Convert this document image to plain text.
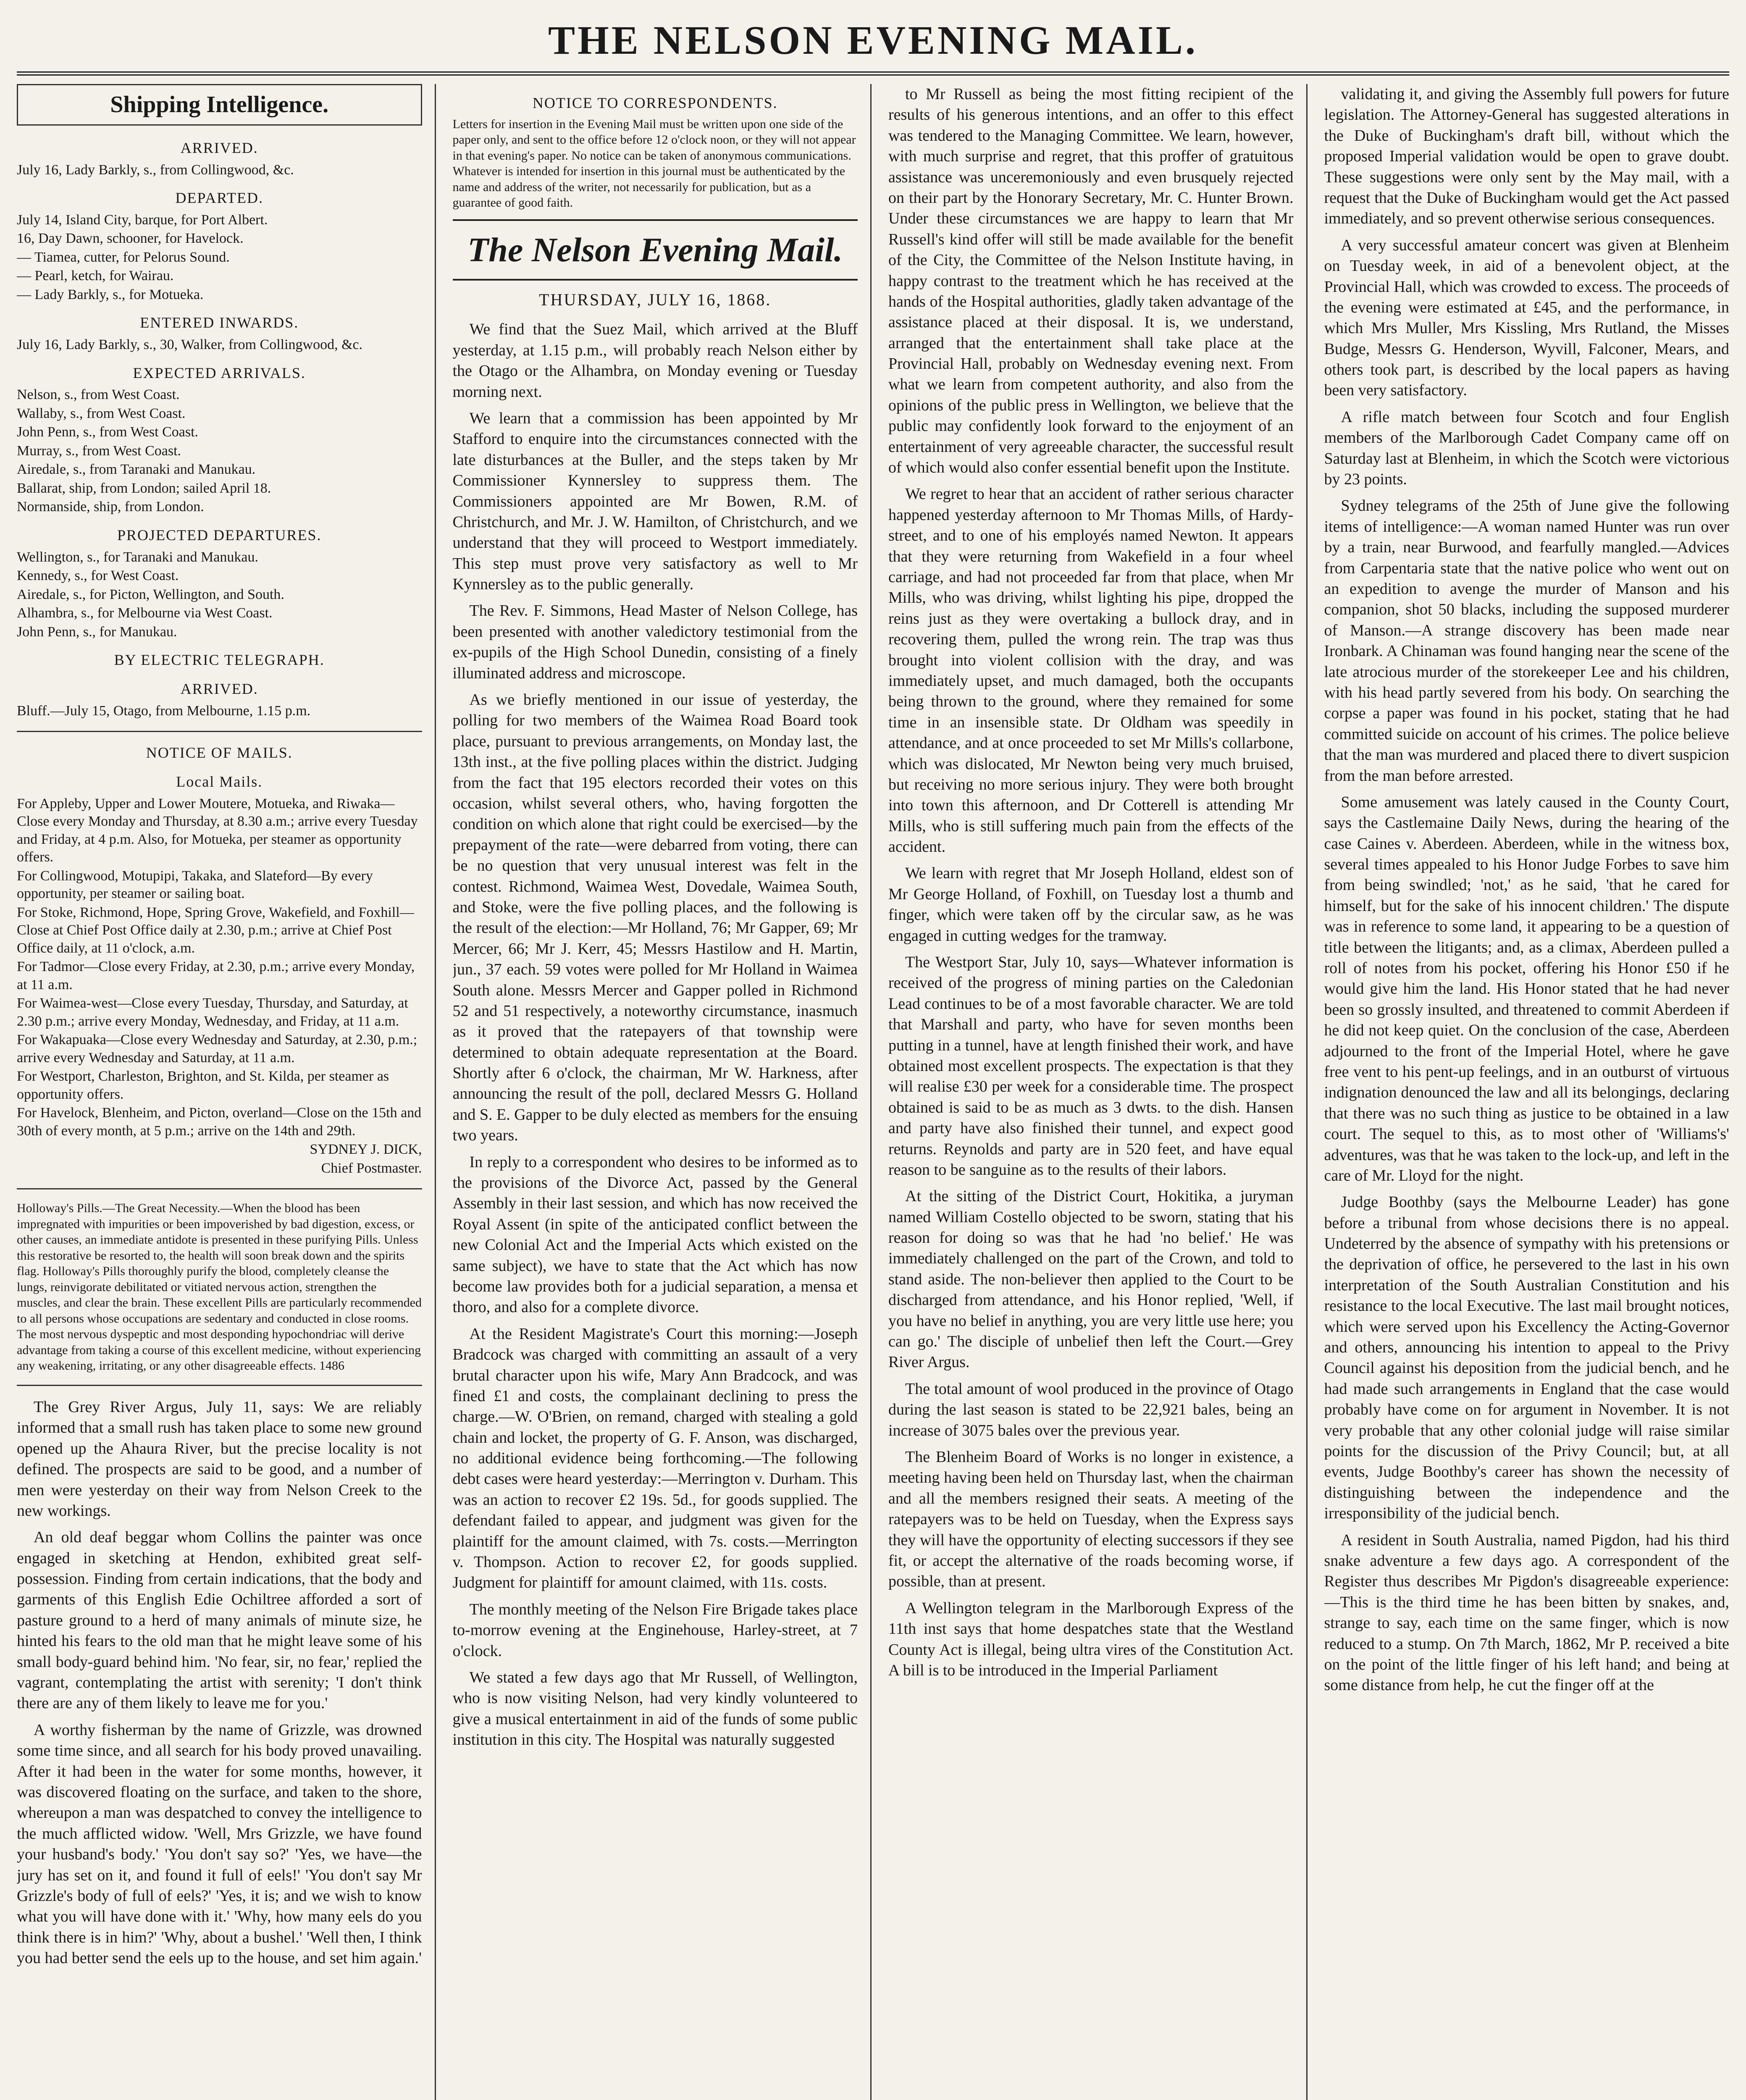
THE NELSON EVENING MAIL.
Shipping Intelligence.
ARRIVED.
July 16, Lady Barkly, s., from Collingwood, &c.
DEPARTED.
July 14, Island City, barque, for Port Albert.
16, Day Dawn, schooner, for Havelock.
— Tiamea, cutter, for Pelorus Sound.
— Pearl, ketch, for Wairau.
— Lady Barkly, s., for Motueka.
ENTERED INWARDS.
July 16, Lady Barkly, s., 30, Walker, from Collingwood, &c.
EXPECTED ARRIVALS.
Nelson, s., from West Coast.
Wallaby, s., from West Coast.
John Penn, s., from West Coast.
Murray, s., from West Coast.
Airedale, s., from Taranaki and Manukau.
Ballarat, ship, from London; sailed April 18.
Normanside, ship, from London.
PROJECTED DEPARTURES.
Wellington, s., for Taranaki and Manukau.
Kennedy, s., for West Coast.
Airedale, s., for Picton, Wellington, and South.
Alhambra, s., for Melbourne via West Coast.
John Penn, s., for Manukau.
BY ELECTRIC TELEGRAPH.
ARRIVED.
Bluff.—July 15, Otago, from Melbourne, 1.15 p.m.
NOTICE OF MAILS.
Local Mails.
For Appleby, Upper and Lower Moutere, Motueka, and Riwaka—Close every Monday and Thursday, at 8.30 a.m.; arrive every Tuesday and Friday, at 4 p.m. Also, for Motueka, per steamer as opportunity offers.
For Collingwood, Motupipi, Takaka, and Slateford—By every opportunity, per steamer or sailing boat.
For Stoke, Richmond, Hope, Spring Grove, Wakefield, and Foxhill—Close at Chief Post Office daily at 2.30, p.m.; arrive at Chief Post Office daily, at 11 o'clock, a.m.
For Tadmor—Close every Friday, at 2.30, p.m.; arrive every Monday, at 11 a.m.
For Waimea-west—Close every Tuesday, Thursday, and Saturday, at 2.30 p.m.; arrive every Monday, Wednesday, and Friday, at 11 a.m.
For Wakapuaka—Close every Wednesday and Saturday, at 2.30, p.m.; arrive every Wednesday and Saturday, at 11 a.m.
For Westport, Charleston, Brighton, and St. Kilda, per steamer as opportunity offers.
For Havelock, Blenheim, and Picton, overland—Close on the 15th and 30th of every month, at 5 p.m.; arrive on the 14th and 29th.
SYDNEY J. DICK,
Chief Postmaster.
Holloway's Pills.—The Great Necessity.—When the blood has been impregnated with impurities or been impoverished by bad digestion, excess, or other causes, an immediate antidote is presented in these purifying Pills. Unless this restorative be resorted to, the health will soon break down and the spirits flag. Holloway's Pills thoroughly purify the blood, completely cleanse the lungs, reinvigorate debilitated or vitiated nervous action, strengthen the muscles, and clear the brain. These excellent Pills are particularly recommended to all persons whose occupations are sedentary and conducted in close rooms. The most nervous dyspeptic and most desponding hypochondriac will derive advantage from taking a course of this excellent medicine, without experiencing any weakening, irritating, or any other disagreeable effects. 1486

The Grey River Argus, July 11, says: We are reliably informed that a small rush has taken place to some new ground opened up the Ahaura River, but the precise locality is not defined. The prospects are said to be good, and a number of men were yesterday on their way from Nelson Creek to the new workings.

An old deaf beggar whom Collins the painter was once engaged in sketching at Hendon, exhibited great self-possession. Finding from certain indications, that the body and garments of this English Edie Ochiltree afforded a sort of pasture ground to a herd of many animals of minute size, he hinted his fears to the old man that he might leave some of his small body-guard behind him. 'No fear, sir, no fear,' replied the vagrant, contemplating the artist with serenity; 'I don't think there are any of them likely to leave me for you.'

A worthy fisherman by the name of Grizzle, was drowned some time since, and all search for his body proved unavailing. After it had been in the water for some months, however, it was discovered floating on the surface, and taken to the shore, whereupon a man was despatched to convey the intelligence to the much afflicted widow. 'Well, Mrs Grizzle, we have found your husband's body.' 'You don't say so?' 'Yes, we have—the jury has set on it, and found it full of eels!' 'You don't say Mr Grizzle's body of full of eels?' 'Yes, it is; and we wish to know what you will have done with it.' 'Why, how many eels do you think there is in him?' 'Why, about a bushel.' 'Well then, I think you had better send the eels up to the house, and set him again.'

NOTICE TO CORRESPONDENTS.
Letters for insertion in the Evening Mail must be written upon one side of the paper only, and sent to the office before 12 o'clock noon, or they will not appear in that evening's paper. No notice can be taken of anonymous communications. Whatever is intended for insertion in this journal must be authenticated by the name and address of the writer, not necessarily for publication, but as a guarantee of good faith.
The Nelson Evening Mail.
THURSDAY, JULY 16, 1868.

We find that the Suez Mail, which arrived at the Bluff yesterday, at 1.15 p.m., will probably reach Nelson either by the Otago or the Alhambra, on Monday evening or Tuesday morning next.

We learn that a commission has been appointed by Mr Stafford to enquire into the circumstances connected with the late disturbances at the Buller, and the steps taken by Mr Commissioner Kynnersley to suppress them. The Commissioners appointed are Mr Bowen, R.M. of Christchurch, and Mr. J. W. Hamilton, of Christchurch, and we understand that they will proceed to Westport immediately. This step must prove very satisfactory as well to Mr Kynnersley as to the public generally.

The Rev. F. Simmons, Head Master of Nelson College, has been presented with another valedictory testimonial from the ex-pupils of the High School Dunedin, consisting of a finely illuminated address and microscope.

As we briefly mentioned in our issue of yesterday, the polling for two members of the Waimea Road Board took place, pursuant to previous arrangements, on Monday last, the 13th inst., at the five polling places within the district. Judging from the fact that 195 electors recorded their votes on this occasion, whilst several others, who, having forgotten the condition on which alone that right could be exercised—by the prepayment of the rate—were debarred from voting, there can be no question that very unusual interest was felt in the contest. Richmond, Waimea West, Dovedale, Waimea South, and Stoke, were the five polling places, and the following is the result of the election:—Mr Holland, 76; Mr Gapper, 69; Mr Mercer, 66; Mr J. Kerr, 45; Messrs Hastilow and H. Martin, jun., 37 each. 59 votes were polled for Mr Holland in Waimea South alone. Messrs Mercer and Gapper polled in Richmond 52 and 51 respectively, a noteworthy circumstance, inasmuch as it proved that the ratepayers of that township were determined to obtain adequate representation at the Board. Shortly after 6 o'clock, the chairman, Mr W. Harkness, after announcing the result of the poll, declared Messrs G. Holland and S. E. Gapper to be duly elected as members for the ensuing two years.

In reply to a correspondent who desires to be informed as to the provisions of the Divorce Act, passed by the General Assembly in their last session, and which has now received the Royal Assent (in spite of the anticipated conflict between the new Colonial Act and the Imperial Acts which existed on the same subject), we have to state that the Act which has now become law provides both for a judicial separation, a mensa et thoro, and also for a complete divorce.

At the Resident Magistrate's Court this morning:—Joseph Bradcock was charged with committing an assault of a very brutal character upon his wife, Mary Ann Bradcock, and was fined £1 and costs, the complainant declining to press the charge.—W. O'Brien, on remand, charged with stealing a gold chain and locket, the property of G. F. Anson, was discharged, no additional evidence being forthcoming.—The following debt cases were heard yesterday:—Merrington v. Durham. This was an action to recover £2 19s. 5d., for goods supplied. The defendant failed to appear, and judgment was given for the plaintiff for the amount claimed, with 7s. costs.—Merrington v. Thompson. Action to recover £2, for goods supplied. Judgment for plaintiff for amount claimed, with 11s. costs.

The monthly meeting of the Nelson Fire Brigade takes place to-morrow evening at the Enginehouse, Harley-street, at 7 o'clock.

We stated a few days ago that Mr Russell, of Wellington, who is now visiting Nelson, had very kindly volunteered to give a musical entertainment in aid of the funds of some public institution in this city. The Hospital was naturally suggested

to Mr Russell as being the most fitting recipient of the results of his generous intentions, and an offer to this effect was tendered to the Managing Committee. We learn, however, with much surprise and regret, that this proffer of gratuitous assistance was unceremoniously and even brusquely rejected on their part by the Honorary Secretary, Mr. C. Hunter Brown. Under these circumstances we are happy to learn that Mr Russell's kind offer will still be made available for the benefit of the City, the Committee of the Nelson Institute having, in happy contrast to the treatment which he has received at the hands of the Hospital authorities, gladly taken advantage of the assistance placed at their disposal. It is, we understand, arranged that the entertainment shall take place at the Provincial Hall, probably on Wednesday evening next. From what we learn from competent authority, and also from the opinions of the public press in Wellington, we believe that the public may confidently look forward to the enjoyment of an entertainment of very agreeable character, the successful result of which would also confer essential benefit upon the Institute.

We regret to hear that an accident of rather serious character happened yesterday afternoon to Mr Thomas Mills, of Hardy-street, and to one of his employés named Newton. It appears that they were returning from Wakefield in a four wheel carriage, and had not proceeded far from that place, when Mr Mills, who was driving, whilst lighting his pipe, dropped the reins just as they were overtaking a bullock dray, and in recovering them, pulled the wrong rein. The trap was thus brought into violent collision with the dray, and was immediately upset, and much damaged, both the occupants being thrown to the ground, where they remained for some time in an insensible state. Dr Oldham was speedily in attendance, and at once proceeded to set Mr Mills's collarbone, which was dislocated, Mr Newton being very much bruised, but receiving no more serious injury. They were both brought into town this afternoon, and Dr Cotterell is attending Mr Mills, who is still suffering much pain from the effects of the accident.

We learn with regret that Mr Joseph Holland, eldest son of Mr George Holland, of Foxhill, on Tuesday lost a thumb and finger, which were taken off by the circular saw, as he was engaged in cutting wedges for the tramway.

The Westport Star, July 10, says—Whatever information is received of the progress of mining parties on the Caledonian Lead continues to be of a most favorable character. We are told that Marshall and party, who have for seven months been putting in a tunnel, have at length finished their work, and have obtained most excellent prospects. The expectation is that they will realise £30 per week for a considerable time. The prospect obtained is said to be as much as 3 dwts. to the dish. Hansen and party have also finished their tunnel, and expect good returns. Reynolds and party are in 520 feet, and have equal reason to be sanguine as to the results of their labors.

At the sitting of the District Court, Hokitika, a juryman named William Costello objected to be sworn, stating that his reason for doing so was that he had 'no belief.' He was immediately challenged on the part of the Crown, and told to stand aside. The non-believer then applied to the Court to be discharged from attendance, and his Honor replied, 'Well, if you have no belief in anything, you are very little use here; you can go.' The disciple of unbelief then left the Court.—Grey River Argus.

The total amount of wool produced in the province of Otago during the last season is stated to be 22,921 bales, being an increase of 3075 bales over the previous year.

The Blenheim Board of Works is no longer in existence, a meeting having been held on Thursday last, when the chairman and all the members resigned their seats. A meeting of the ratepayers was to be held on Tuesday, when the Express says they will have the opportunity of electing successors if they see fit, or accept the alternative of the roads becoming worse, if possible, than at present.

A Wellington telegram in the Marlborough Express of the 11th inst says that home despatches state that the Westland County Act is illegal, being ultra vires of the Constitution Act. A bill is to be introduced in the Imperial Parliament

validating it, and giving the Assembly full powers for future legislation. The Attorney-General has suggested alterations in the Duke of Buckingham's draft bill, without which the proposed Imperial validation would be open to grave doubt. These suggestions were only sent by the May mail, with a request that the Duke of Buckingham would get the Act passed immediately, and so prevent otherwise serious consequences.

A very successful amateur concert was given at Blenheim on Tuesday week, in aid of a benevolent object, at the Provincial Hall, which was crowded to excess. The proceeds of the evening were estimated at £45, and the performance, in which Mrs Muller, Mrs Kissling, Mrs Rutland, the Misses Budge, Messrs G. Henderson, Wyvill, Falconer, Mears, and others took part, is described by the local papers as having been very satisfactory.

A rifle match between four Scotch and four English members of the Marlborough Cadet Company came off on Saturday last at Blenheim, in which the Scotch were victorious by 23 points.

Sydney telegrams of the 25th of June give the following items of intelligence:—A woman named Hunter was run over by a train, near Burwood, and fearfully mangled.—Advices from Carpentaria state that the native police who went out on an expedition to avenge the murder of Manson and his companion, shot 50 blacks, including the supposed murderer of Manson.—A strange discovery has been made near Ironbark. A Chinaman was found hanging near the scene of the late atrocious murder of the storekeeper Lee and his children, with his head partly severed from his body. On searching the corpse a paper was found in his pocket, stating that he had committed suicide on account of his crimes. The police believe that the man was murdered and placed there to divert suspicion from the man before arrested.

Some amusement was lately caused in the County Court, says the Castlemaine Daily News, during the hearing of the case Caines v. Aberdeen. Aberdeen, while in the witness box, several times appealed to his Honor Judge Forbes to save him from being swindled; 'not,' as he said, 'that he cared for himself, but for the sake of his innocent children.' The dispute was in reference to some land, it appearing to be a question of title between the litigants; and, as a climax, Aberdeen pulled a roll of notes from his pocket, offering his Honor £50 if he would give him the land. His Honor stated that he had never been so grossly insulted, and threatened to commit Aberdeen if he did not keep quiet. On the conclusion of the case, Aberdeen adjourned to the front of the Imperial Hotel, where he gave free vent to his pent-up feelings, and in an outburst of virtuous indignation denounced the law and all its belongings, declaring that there was no such thing as justice to be obtained in a law court. The sequel to this, as to most other of 'Williams's' adventures, was that he was taken to the lock-up, and left in the care of Mr. Lloyd for the night.

Judge Boothby (says the Melbourne Leader) has gone before a tribunal from whose decisions there is no appeal. Undeterred by the absence of sympathy with his pretensions or the deprivation of office, he persevered to the last in his own interpretation of the South Australian Constitution and his resistance to the local Executive. The last mail brought notices, which were served upon his Excellency the Acting-Governor and others, announcing his intention to appeal to the Privy Council against his deposition from the judicial bench, and he had made such arrangements in England that the case would probably have come on for argument in November. It is not very probable that any other colonial judge will raise similar points for the discussion of the Privy Council; but, at all events, Judge Boothby's career has shown the necessity of distinguishing between the independence and the irresponsibility of the judicial bench.

A resident in South Australia, named Pigdon, had his third snake adventure a few days ago. A correspondent of the Register thus describes Mr Pigdon's disagreeable experience:—This is the third time he has been bitten by snakes, and, strange to say, each time on the same finger, which is now reduced to a stump. On 7th March, 1862, Mr P. received a bite on the point of the little finger of his left hand; and being at some distance from help, he cut the finger off at the
